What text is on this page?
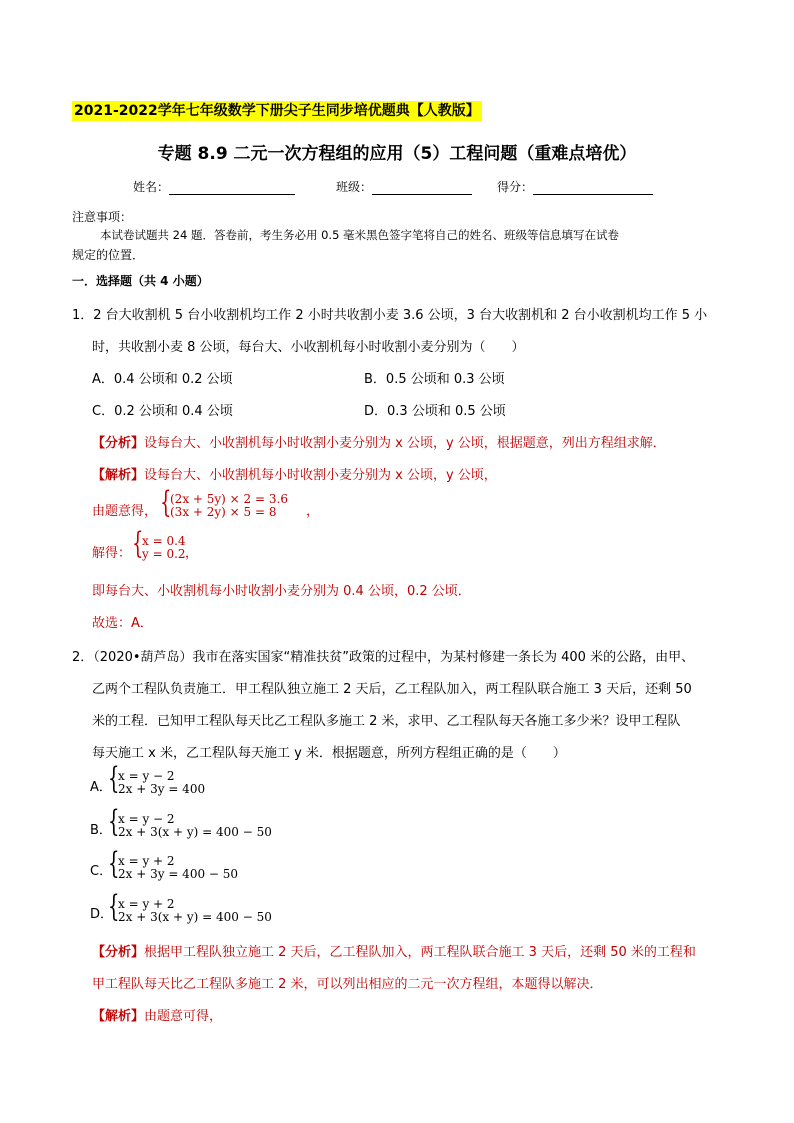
2021-2022学年七年级数学下册尖子生同步培优题典【人教版】
专题 8.9 二元一次方程组的应用（5）工程问题（重难点培优）
姓名：	班级：	得分：
注意事项：
本试卷试题共 24 题．答卷前，考生务必用 0.5 毫米黑色签字笔将自己的姓名、班级等信息填写在试卷
规定的位置．
一．选择题（共 4 小题）
1．2 台大收割机 5 台小收割机均工作 2 小时共收割小麦 3.6 公顷，3 台大收割机和 2 台小收割机均工作 5 小
时，共收割小麦 8 公顷，每台大、小收割机每小时收割小麦分别为（　　）
A．0.4 公顷和 0.2 公顷	B．0.5 公顷和 0.3 公顷
C．0.2 公顷和 0.4 公顷	D．0.3 公顷和 0.5 公顷
【分析】设每台大、小收割机每小时收割小麦分别为 x 公顷，y 公顷，根据题意，列出方程组求解．
【解析】设每台大、小收割机每小时收割小麦分别为 x 公顷，y 公顷，
由题意得， {
(2x + 5y) × 2 = 3.6
(3x + 2y) × 5 = 8	，
解得： {
x = 0.4
y = 0.2 ，
即每台大、小收割机每小时收割小麦分别为 0.4 公顷，0.2 公顷．
故选：A．
2．（2020•葫芦岛）我市在落实国家“精准扶贫”政策的过程中，为某村修建一条长为 400 米的公路，由甲、
乙两个工程队负责施工．甲工程队独立施工 2 天后，乙工程队加入，两工程队联合施工 3 天后，还剩 50
米的工程．已知甲工程队每天比乙工程队多施工 2 米，求甲、乙工程队每天各施工多少米？设甲工程队
每天施工 x 米，乙工程队每天施工 y 米．根据题意，所列方程组正确的是（　　）
A．
{
x = y − 2
2x + 3y = 400
B．
{
x = y − 2
2x + 3(x + y) = 400 − 50
C．
{
x = y + 2
2x + 3y = 400 − 50
D．
{
x = y + 2
2x + 3(x + y) = 400 − 50
【分析】根据甲工程队独立施工 2 天后，乙工程队加入，两工程队联合施工 3 天后，还剩 50 米的工程和
甲工程队每天比乙工程队多施工 2 米，可以列出相应的二元一次方程组，本题得以解决．
【解析】由题意可得，
